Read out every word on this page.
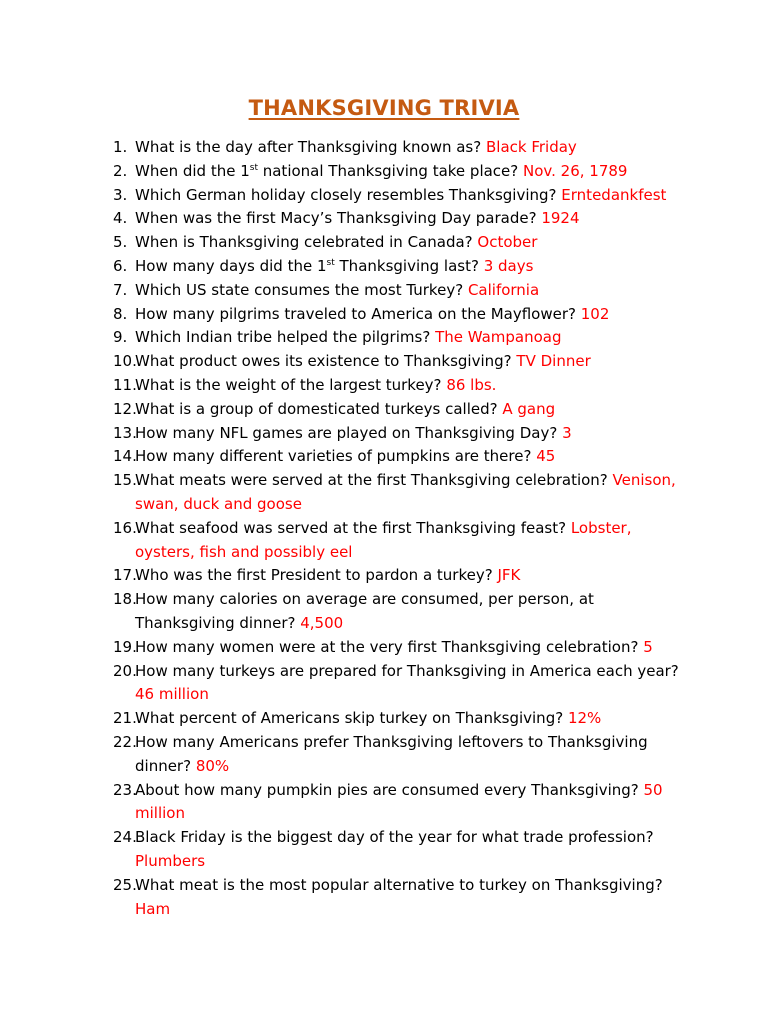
THANKSGIVING TRIVIA
1. What is the day after Thanksgiving known as? Black Friday
2. When did the 1st national Thanksgiving take place? Nov. 26, 1789
3. Which German holiday closely resembles Thanksgiving? Erntedankfest
4. When was the first Macy’s Thanksgiving Day parade? 1924
5. When is Thanksgiving celebrated in Canada? October
6. How many days did the 1st Thanksgiving last? 3 days
7. Which US state consumes the most Turkey? California
8. How many pilgrims traveled to America on the Mayflower? 102
9. Which Indian tribe helped the pilgrims? The Wampanoag
10.
What product owes its existence to Thanksgiving? TV Dinner
11.
What is the weight of the largest turkey? 86 lbs.
12.
What is a group of domesticated turkeys called? A gang
13.
How many NFL games are played on Thanksgiving Day? 3
14.
How many different varieties of pumpkins are there? 45
15.
What meats were served at the first Thanksgiving celebration? Venison, swan, duck and goose
16.
What seafood was served at the first Thanksgiving feast? Lobster, oysters, fish and possibly eel
17.
Who was the first President to pardon a turkey? JFK
18.
How many calories on average are consumed, per person, at Thanksgiving dinner? 4,500
19.
How many women were at the very first Thanksgiving celebration? 5
20.
How many turkeys are prepared for Thanksgiving in America each year? 46 million
21.
What percent of Americans skip turkey on Thanksgiving? 12%
22.
How many Americans prefer Thanksgiving leftovers to Thanksgiving dinner? 80%
23.
About how many pumpkin pies are consumed every Thanksgiving? 50 million
24.
Black Friday is the biggest day of the year for what trade profession? Plumbers
25.
What meat is the most popular alternative to turkey on Thanksgiving? Ham
